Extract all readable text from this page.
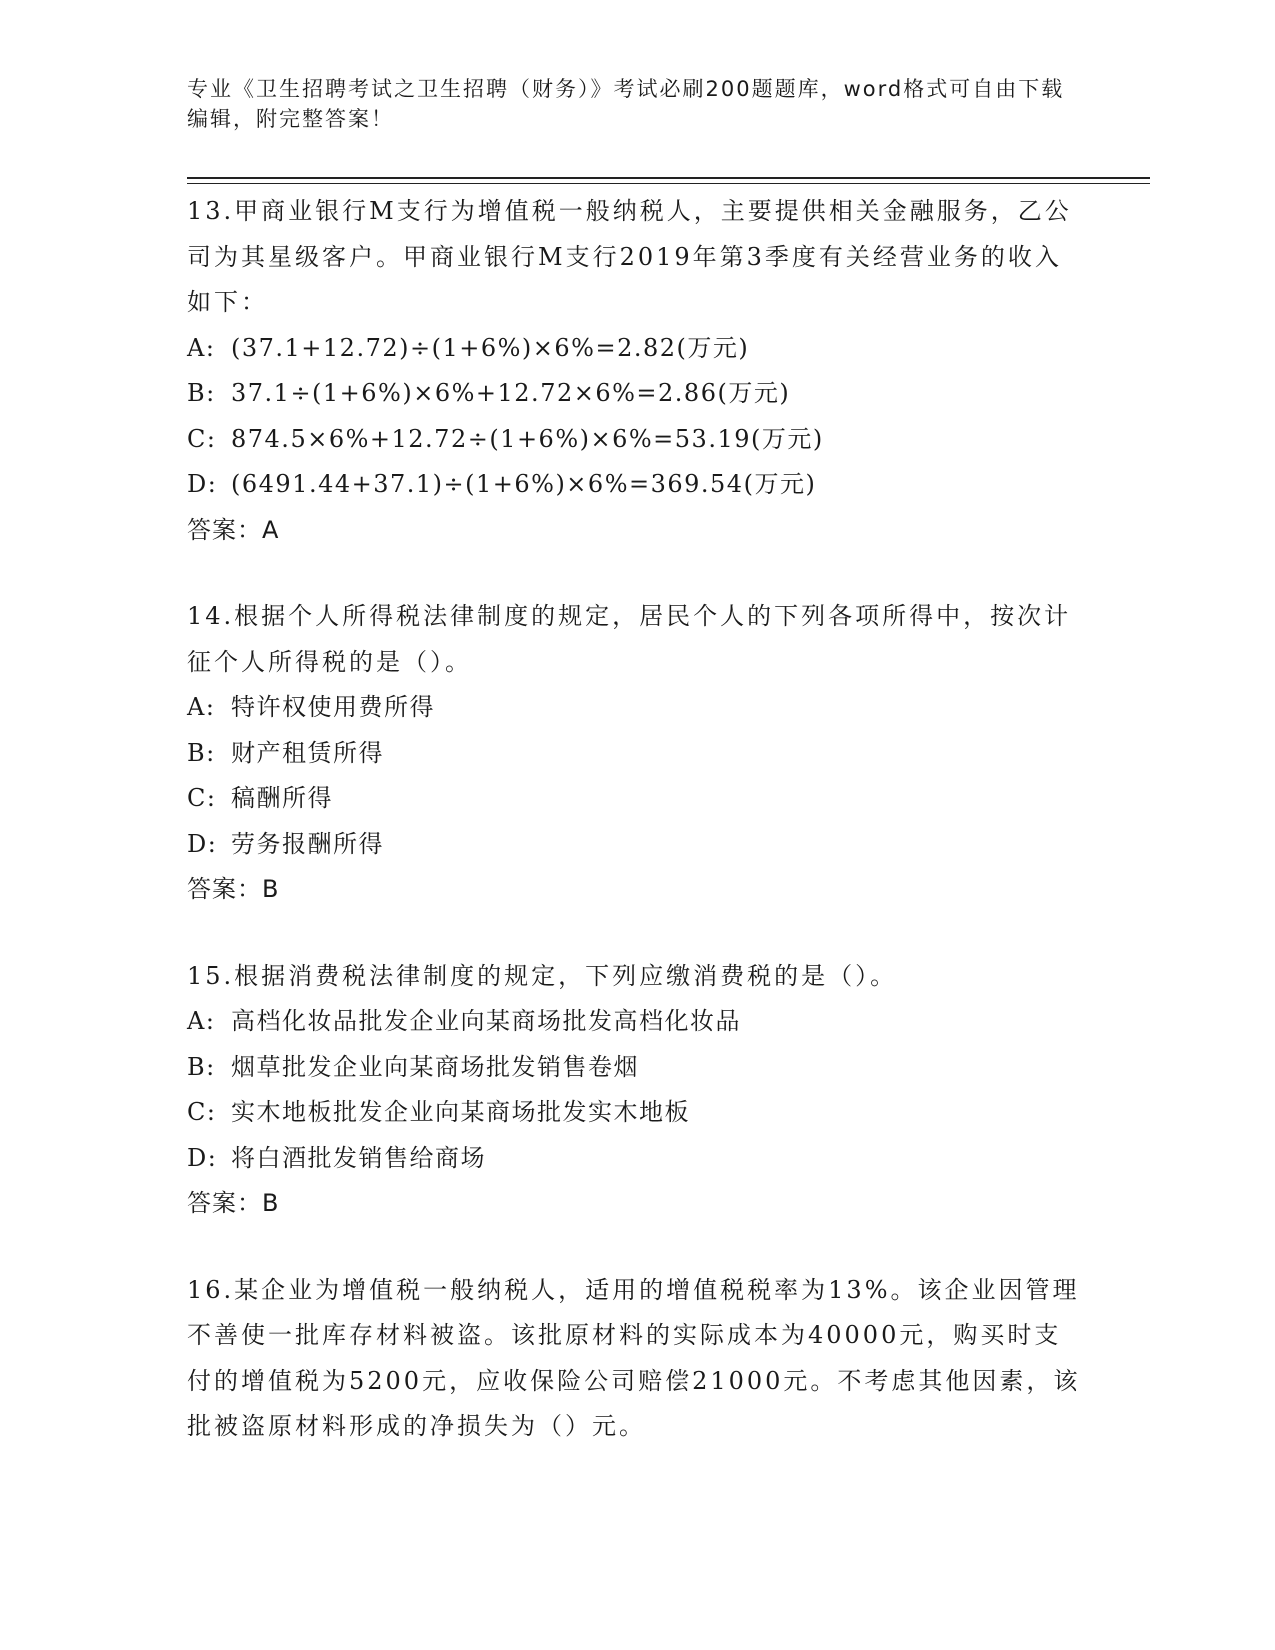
专业《卫生招聘考试之卫生招聘（财务）》考试必刷200题题库，word格式可自由下载编辑，附完整答案！

13.甲商业银行M支行为增值税一般纳税人，主要提供相关金融服务，乙公司为其星级客户。甲商业银行M支行2019年第3季度有关经营业务的收入如下：

A: (37.1+12.72)÷(1+6%)×6%=2.82(万元)
B: 37.1÷(1+6%)×6%+12.72×6%=2.86(万元)
C: 874.5×6%+12.72÷(1+6%)×6%=53.19(万元)
D: (6491.44+37.1)÷(1+6%)×6%=369.54(万元)
答案：A

14.根据个人所得税法律制度的规定，居民个人的下列各项所得中，按次计征个人所得税的是（）。

A: 特许权使用费所得
B: 财产租赁所得
C: 稿酬所得
D: 劳务报酬所得
答案：B

15.根据消费税法律制度的规定，下列应缴消费税的是（）。

A: 高档化妆品批发企业向某商场批发高档化妆品
B: 烟草批发企业向某商场批发销售卷烟
C: 实木地板批发企业向某商场批发实木地板
D: 将白酒批发销售给商场
答案：B

16.某企业为增值税一般纳税人，适用的增值税税率为13%。该企业因管理不善使一批库存材料被盗。该批原材料的实际成本为40000元，购买时支付的增值税为5200元，应收保险公司赔偿21000元。不考虑其他因素，该批被盗原材料形成的净损失为（）元。
